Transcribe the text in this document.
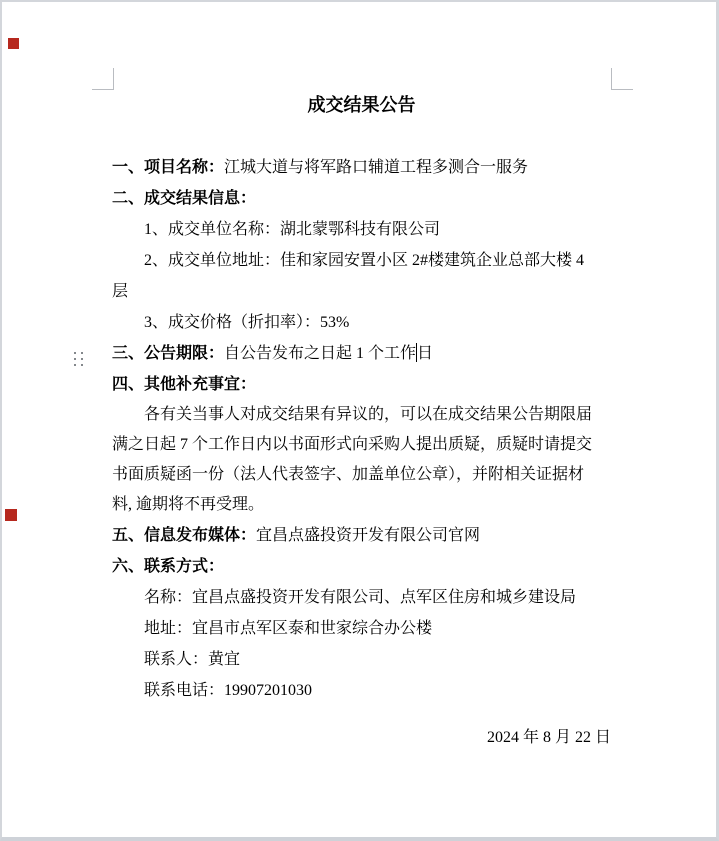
成交结果公告
一、项目名称：江城大道与将军路口辅道工程多测合一服务
二、成交结果信息：
1、成交单位名称：湖北蒙鄂科技有限公司
2、成交单位地址：佳和家园安置小区 2#楼建筑企业总部大楼 4
层
3、成交价格（折扣率）：53%
三、公告期限：自公告发布之日起 1 个工作日
四、其他补充事宜：
各有关当事人对成交结果有异议的，可以在成交结果公告期限届
满之日起 7 个工作日内以书面形式向采购人提出质疑，质疑时请提交
书面质疑函一份（法人代表签字、加盖单位公章），并附相关证据材
料, 逾期将不再受理。
五、信息发布媒体：宜昌点盛投资开发有限公司官网
六、联系方式：
名称：宜昌点盛投资开发有限公司、点军区住房和城乡建设局
地址：宜昌市点军区泰和世家综合办公楼
联系人：黄宜
联系电话：19907201030
2024 年 8 月 22 日
